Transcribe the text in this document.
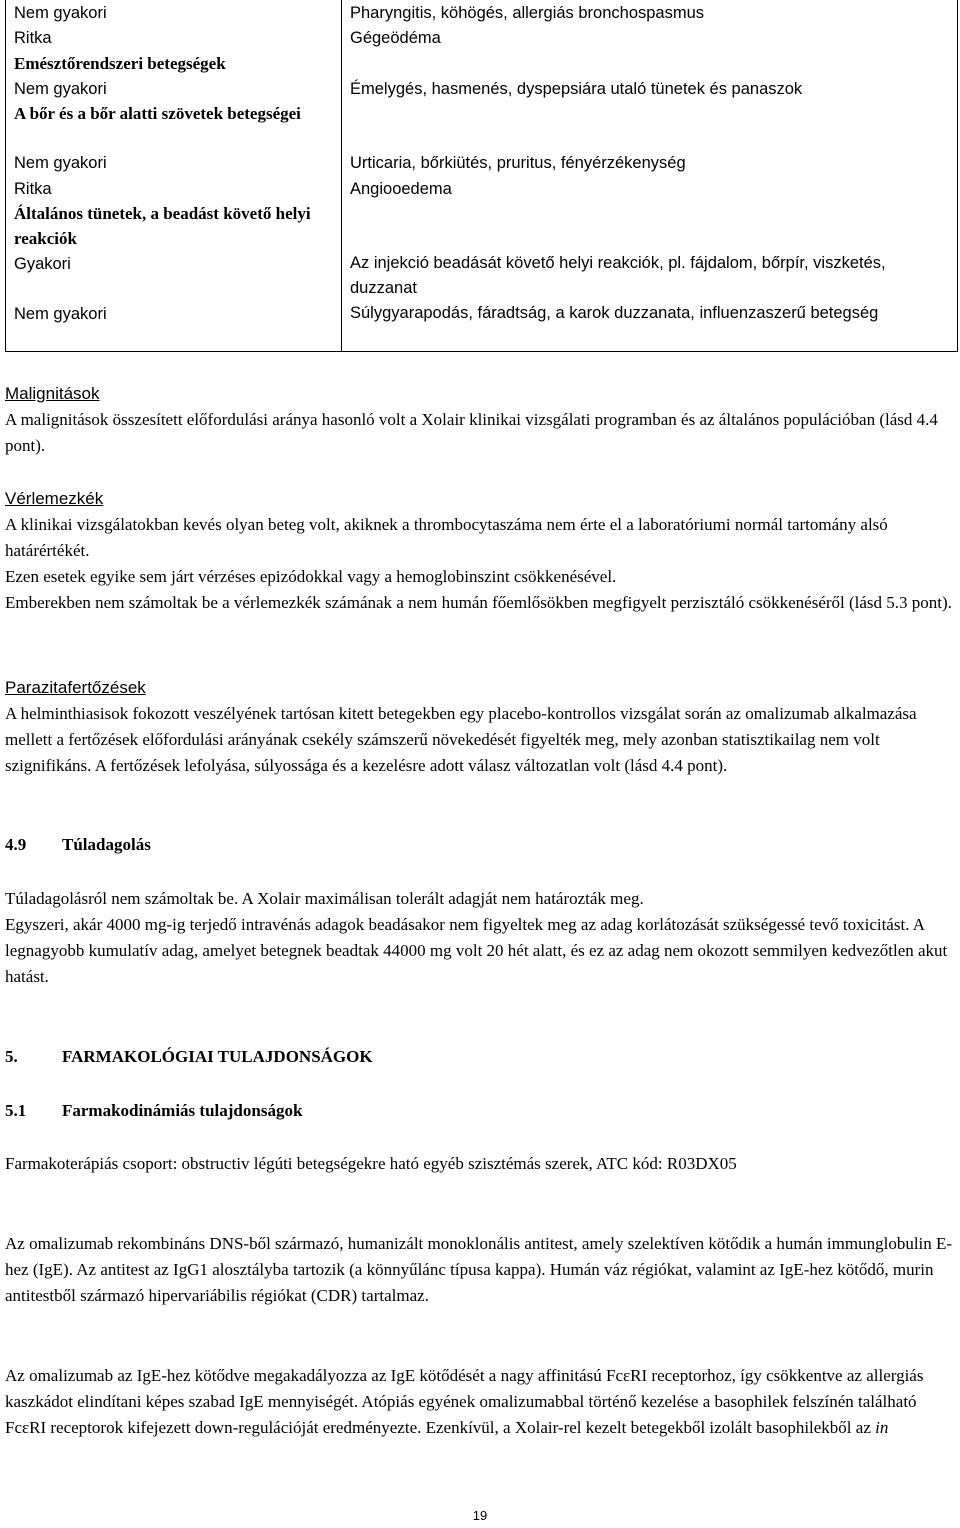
Nem gyakori	Pharyngitis, köhögés, allergiás bronchospasmus
Ritka	Gégeödéma
Emésztőrendszeri betegségek
Nem gyakori	Émelygés, hasmenés, dyspepsiára utaló tünetek és panaszok
A bőr és a bőr alatti szövetek betegségei
Nem gyakori	Urticaria, bőrkiütés, pruritus, fényérzékenység
Ritka	Angiooedema
Általános tünetek, a beadást követő helyi reakciók
Gyakori	Az injekció beadását követő helyi reakciók, pl. fájdalom, bőrpír, viszketés, duzzanat
Nem gyakori	Súlygyarapodás, fáradtság, a karok duzzanata, influenzaszerű betegség

Malignitások

A malignitások összesített előfordulási aránya hasonló volt a Xolair klinikai vizsgálati programban és az általános populációban (lásd 4.4 pont).

Vérlemezkék

A klinikai vizsgálatokban kevés olyan beteg volt, akiknek a thrombocytaszáma nem érte el a laboratóriumi normál tartomány alsó határértékét.

Ezen esetek egyike sem járt vérzéses epizódokkal vagy a hemoglobinszint csökkenésével.

Emberekben nem számoltak be a vérlemezkék számának a nem humán főemlősökben megfigyelt perzisztáló csökkenéséről (lásd 5.3 pont).

Parazitafertőzések

A helminthiasisok fokozott veszélyének tartósan kitett betegekben egy placebo-kontrollos vizsgálat során az omalizumab alkalmazása mellett a fertőzések előfordulási arányának csekély számszerű növekedését figyelték meg, mely azonban statisztikailag nem volt szignifikáns. A fertőzések lefolyása, súlyossága és a kezelésre adott válasz változatlan volt (lásd 4.4 pont).

4.9 Túladagolás

Túladagolásról nem számoltak be. A Xolair maximálisan tolerált adagját nem határozták meg.

Egyszeri, akár 4000 mg-ig terjedő intravénás adagok beadásakor nem figyeltek meg az adag korlátozását szükségessé tevő toxicitást. A legnagyobb kumulatív adag, amelyet betegnek beadtak 44000 mg volt 20 hét alatt, és ez az adag nem okozott semmilyen kedvezőtlen akut hatást.

5.	FARMAKOLÓGIAI TULAJDONSÁGOK
5.1 Farmakodinámiás tulajdonságok

Farmakoterápiás csoport: obstructiv légúti betegségekre ható egyéb szisztémás szerek, ATC kód: R03DX05

Az omalizumab rekombináns DNS-ből származó, humanizált monoklonális antitest, amely szelektíven kötődik a humán immunglobulin E-hez (IgE). Az antitest az IgG1 alosztályba tartozik (a könnyűlánc típusa kappa). Humán váz régiókat, valamint az IgE-hez kötődő, murin antitestből származó hipervariábilis régiókat (CDR) tartalmaz.

Az omalizumab az IgE-hez kötődve megakadályozza az IgE kötődését a nagy affinitású FcεRI receptorhoz, így csökkentve az allergiás kaszkádot elindítani képes szabad IgE mennyiségét. Atópiás egyének omalizumabbal történő kezelése a basophilek felszínén található FcεRI receptorok kifejezett down-regulációját eredményezte. Ezenkívül, a Xolair-rel kezelt betegekből izolált basophilekből az in

19
